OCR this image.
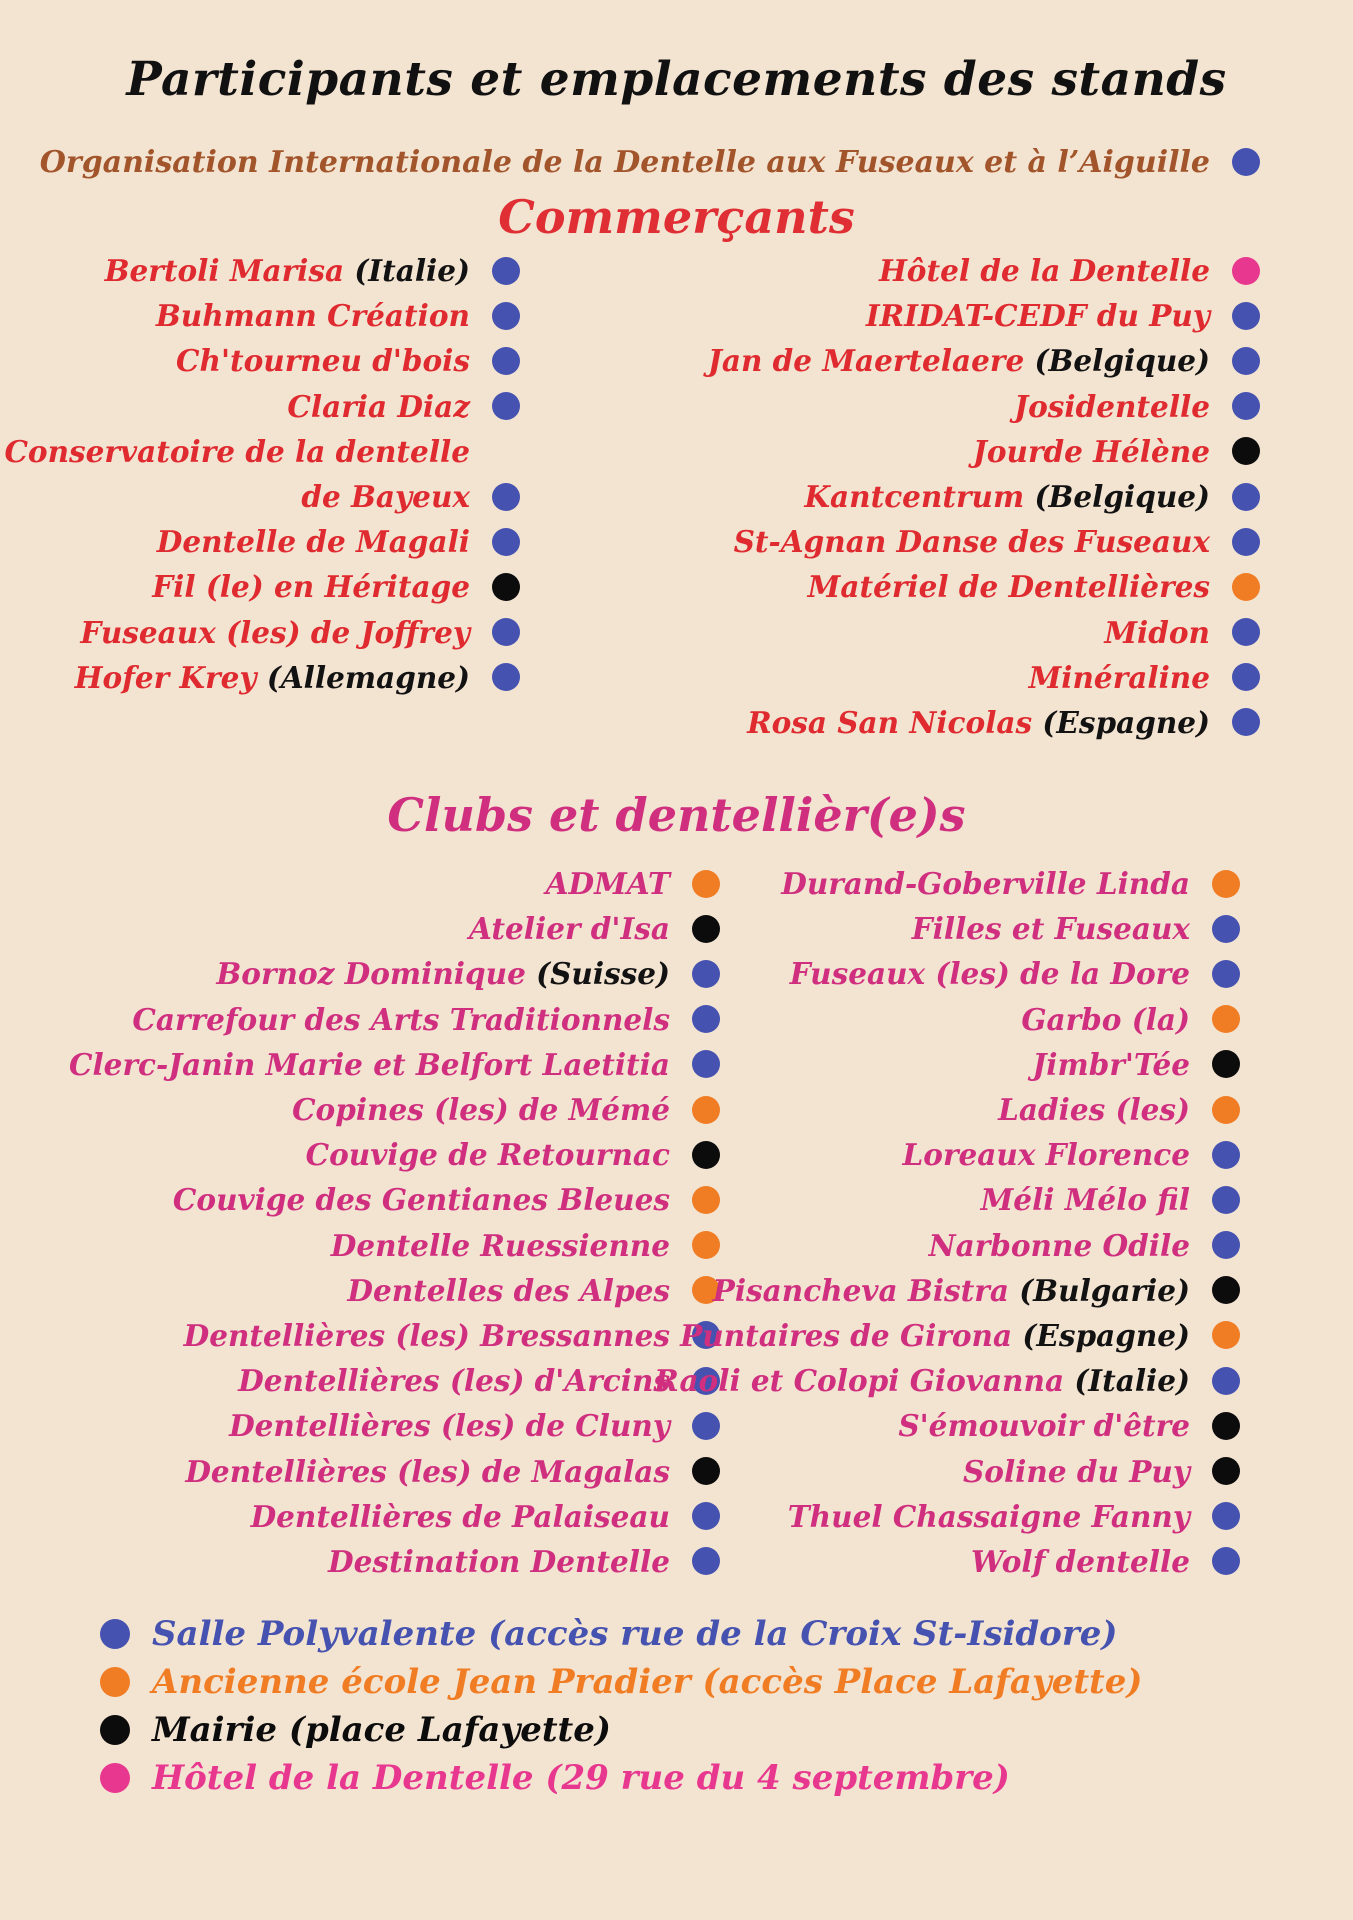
Participants et emplacements des stands
Organisation Internationale de la Dentelle aux Fuseaux et à l’Aiguille
Commerçants
Bertoli Marisa (Italie)
Buhmann Création
Ch'tourneu d'bois
Claria Diaz
Conservatoire de la dentelle
de Bayeux
Dentelle de Magali
Fil (le) en Héritage
Fuseaux (les) de Joffrey
Hofer Krey (Allemagne)
Hôtel de la Dentelle
IRIDAT-CEDF du Puy
Jan de Maertelaere (Belgique)
Josidentelle
Jourde Hélène
Kantcentrum (Belgique)
St-Agnan Danse des Fuseaux
Matériel de Dentellières
Midon
Minéraline
Rosa San Nicolas (Espagne)
Clubs et dentellièr(e)s
ADMAT
Atelier d'Isa
Bornoz Dominique (Suisse)
Carrefour des Arts Traditionnels
Clerc-Janin Marie et Belfort Laetitia
Copines (les) de Mémé
Couvige de Retournac
Couvige des Gentianes Bleues
Dentelle Ruessienne
Dentelles des Alpes
Dentellières (les) Bressannes
Dentellières (les) d'Arcins
Dentellières (les) de Cluny
Dentellières (les) de Magalas
Dentellières de Palaiseau
Destination Dentelle
Durand-Goberville Linda
Filles et Fuseaux
Fuseaux (les) de la Dore
Garbo (la)
Jimbr'Tée
Ladies (les)
Loreaux Florence
Méli Mélo fil
Narbonne Odile
Pisancheva Bistra (Bulgarie)
Puntaires de Girona (Espagne)
Raoli et Colopi Giovanna (Italie)
S'émouvoir d'être
Soline du Puy
Thuel Chassaigne Fanny
Wolf dentelle
Salle Polyvalente (accès rue de la Croix St-Isidore)
Ancienne école Jean Pradier (accès Place Lafayette)
Mairie (place Lafayette)
Hôtel de la Dentelle (29 rue du 4 septembre)
